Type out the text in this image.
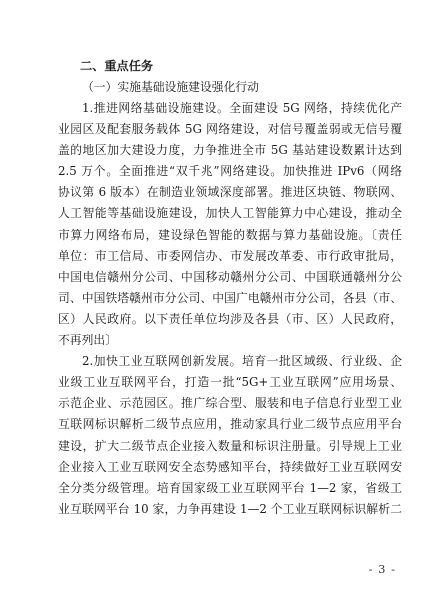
二、重点任务
（一）实施基础设施建设强化行动
1.推进网络基础设施建设。全面建设 5G 网络，持续优化产
业园区及配套服务载体 5G 网络建设，对信号覆盖弱或无信号覆
盖的地区加大建设力度，力争推进全市 5G 基站建设数累计达到
2.5 万个。全面推进“双千兆”网络建设。加快推进 IPv6（网络
协议第 6 版本）在制造业领域深度部署。推进区块链、物联网、
人工智能等基础设施建设，加快人工智能算力中心建设，推动全
市算力网络布局，建设绿色智能的数据与算力基础设施。〔责任
单位：市工信局、市委网信办、市发展改革委、市行政审批局，
中国电信赣州分公司、中国移动赣州分公司、中国联通赣州分公
司、中国铁塔赣州市分公司、中国广电赣州市分公司，各县（市、
区）人民政府。以下责任单位均涉及各县（市、区）人民政府，
不再列出〕
2.加快工业互联网创新发展。培育一批区域级、行业级、企
业级工业互联网平台，打造一批“5G+工业互联网”应用场景、
示范企业、示范园区。推广综合型、服装和电子信息行业型工业
互联网标识解析二级节点应用，推动家具行业二级节点应用平台
建设，扩大二级节点企业接入数量和标识注册量。引导规上工业
企业接入工业互联网安全态势感知平台，持续做好工业互联网安
全分类分级管理。培育国家级工业互联网平台 1—2 家，省级工
业互联网平台 10 家，力争再建设 1—2 个工业互联网标识解析二
- 3 -
